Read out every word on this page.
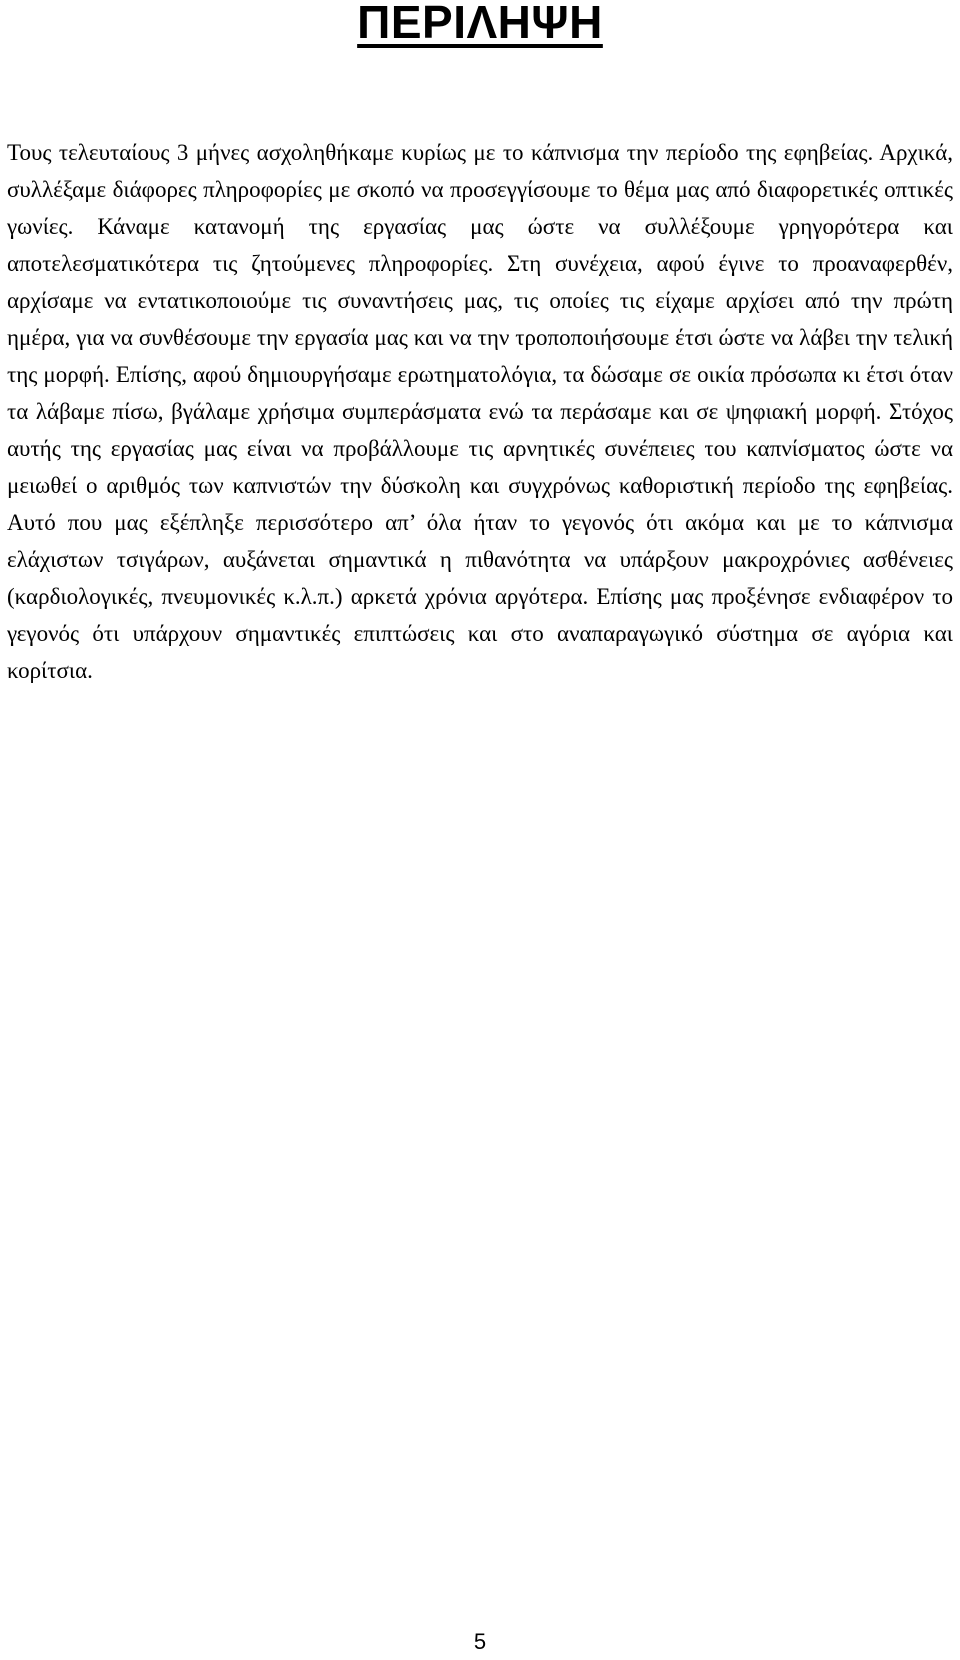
ΠΕΡΙΛΗΨΗ

Τους τελευταίους 3 μήνες ασχοληθήκαμε κυρίως με το κάπνισμα την περίοδο της εφηβείας. Αρχικά, συλλέξαμε διάφορες πληροφορίες με σκοπό να προσεγγίσουμε το θέμα μας από διαφορετικές οπτικές γωνίες. Κάναμε κατανομή της εργασίας μας ώστε να συλλέξουμε γρηγορότερα και αποτελεσματικότερα τις ζητούμενες πληροφορίες. Στη συνέχεια, αφού έγινε το προαναφερθέν, αρχίσαμε να εντατικοποιούμε τις συναντήσεις μας, τις οποίες τις είχαμε αρχίσει από την πρώτη ημέρα, για να συνθέσουμε την εργασία μας και να την τροποποιήσουμε έτσι ώστε να λάβει την τελική της μορφή. Επίσης, αφού δημιουργήσαμε ερωτηματολόγια, τα δώσαμε σε οικία πρόσωπα κι έτσι όταν τα λάβαμε πίσω, βγάλαμε χρήσιμα συμπεράσματα ενώ τα περάσαμε και σε ψηφιακή μορφή. Στόχος αυτής της εργασίας μας είναι να προβάλλουμε τις αρνητικές συνέπειες του καπνίσματος ώστε να μειωθεί ο αριθμός των καπνιστών την δύσκολη και συγχρόνως καθοριστική περίοδο της εφηβείας. Αυτό που μας εξέπληξε περισσότερο απ’ όλα ήταν το γεγονός ότι ακόμα και με το κάπνισμα ελάχιστων τσιγάρων, αυξάνεται σημαντικά η πιθανότητα να υπάρξουν μακροχρόνιες ασθένειες (καρδιολογικές, πνευμονικές κ.λ.π.) αρκετά χρόνια αργότερα. Επίσης μας προξένησε ενδιαφέρον το γεγονός ότι υπάρχουν σημαντικές επιπτώσεις και στο αναπαραγωγικό σύστημα σε αγόρια και κορίτσια.

5
